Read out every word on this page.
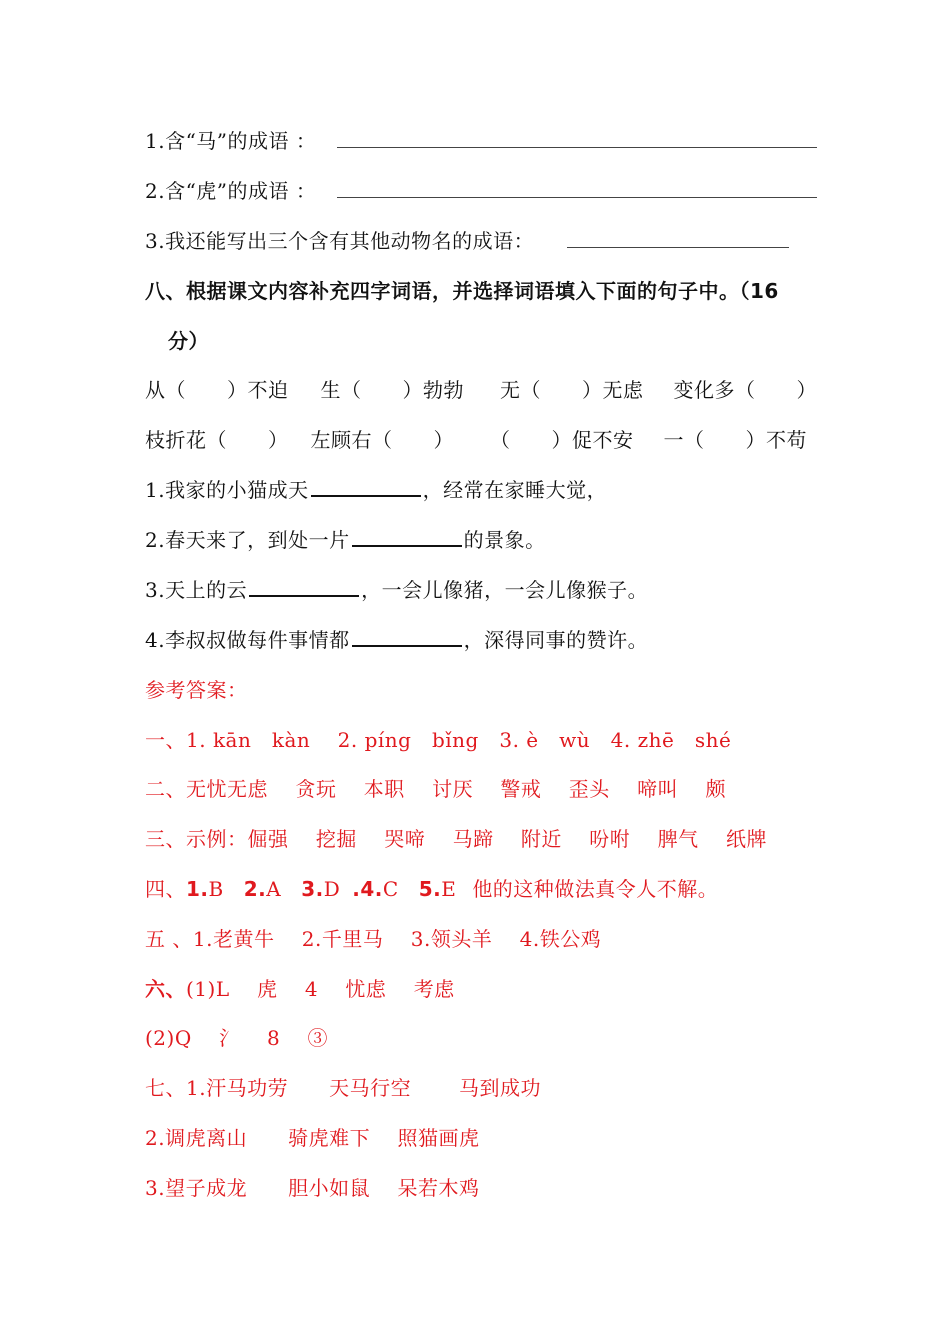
1.含“马”的成语 ：
2.含“虎”的成语 ：
3.我还能写出三个含有其他动物名的成语：
八、根据课文内容补充四字词语，并选择词语填入下面的句子中。（16
分）
从（　　）不迫 生（　　）勃勃 无（　　）无虑 变化多（　　）
枝折花（　　） 左顾右（　　） （　　）促不安 一（　　）不苟
1.我家的小猫成天	，经常在家睡大觉，
2.春天来了，到处一片	的景象。
3.天上的云	，一会儿像猪，一会儿像猴子。
4.李叔叔做每件事情都	，深得同事的赞许。
参考答案：
一、1. kān　kàn　 2. píng　bǐng　3. è　wù　4. zhē　shé
二、无忧无虑　 贪玩　 本职　 讨厌　 警戒　 歪头　 啼叫　 颇
三、示例：倔强　 挖掘　 哭啼　 马蹄　 附近　 吩咐　 脾气　 纸牌
四、1.B 2.A 3.D .4.C 5.E 他的这种做法真令人不解。
五 、1.老黄牛　 2.千里马　 3.领头羊　 4.铁公鸡
六、(1)L　 虎　 4　 忧虑　 考虑
(2)Q　 氵　 8　 ③
七、1.汗马功劳　　天马行空　　 马到成功
2.调虎离山　　骑虎难下　 照猫画虎
3.望子成龙　　胆小如鼠　 呆若木鸡
